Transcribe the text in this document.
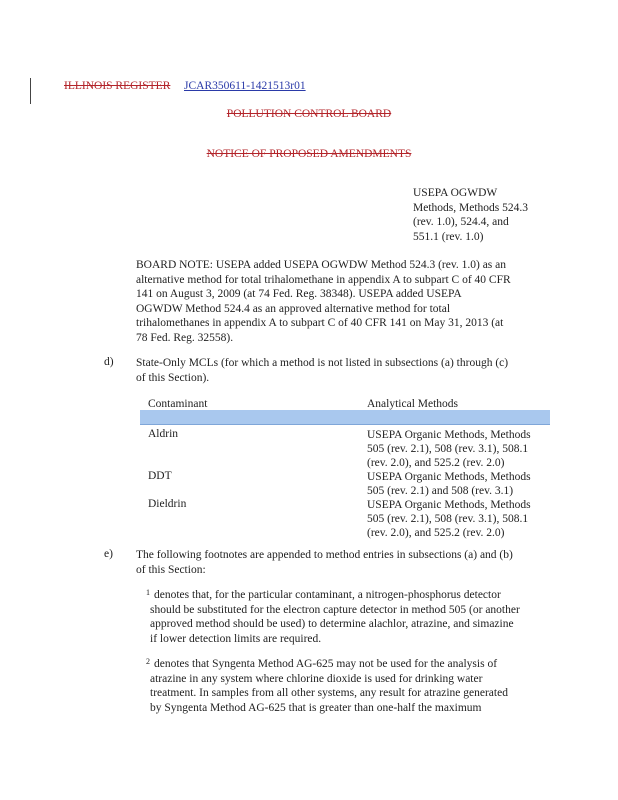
ILLINOIS REGISTER JCAR350611-1421513r01
POLLUTION CONTROL BOARD
NOTICE OF PROPOSED AMENDMENTS
USEPA OGWDW
Methods, Methods 524.3
(rev. 1.0), 524.4, and
551.1 (rev. 1.0)
BOARD NOTE: USEPA added USEPA OGWDW Method 524.3 (rev. 1.0) as an
alternative method for total trihalomethane in appendix A to subpart C of 40 CFR
141 on August 3, 2009 (at 74 Fed. Reg. 38348). USEPA added USEPA
OGWDW Method 524.4 as an approved alternative method for total
trihalomethanes in appendix A to subpart C of 40 CFR 141 on May 31, 2013 (at
78 Fed. Reg. 32558).
d) State-Only MCLs (for which a method is not listed in subsections (a) through (c)
of this Section).
Contaminant	Analytical Methods
Aldrin	USEPA Organic Methods, Methods
505 (rev. 2.1), 508 (rev. 3.1), 508.1
(rev. 2.0), and 525.2 (rev. 2.0)
DDT	USEPA Organic Methods, Methods
505 (rev. 2.1) and 508 (rev. 3.1)
Dieldrin	USEPA Organic Methods, Methods
505 (rev. 2.1), 508 (rev. 3.1), 508.1
(rev. 2.0), and 525.2 (rev. 2.0)
e) The following footnotes are appended to method entries in subsections (a) and (b)
of this Section:
$^1$ denotes that, for the particular contaminant, a nitrogen-phosphorus detector
should be substituted for the electron capture detector in method 505 (or another
approved method should be used) to determine alachlor, atrazine, and simazine
if lower detection limits are required.
$^2$ denotes that Syngenta Method AG-625 may not be used for the analysis of
atrazine in any system where chlorine dioxide is used for drinking water
treatment. In samples from all other systems, any result for atrazine generated
by Syngenta Method AG-625 that is greater than one-half the maximum
